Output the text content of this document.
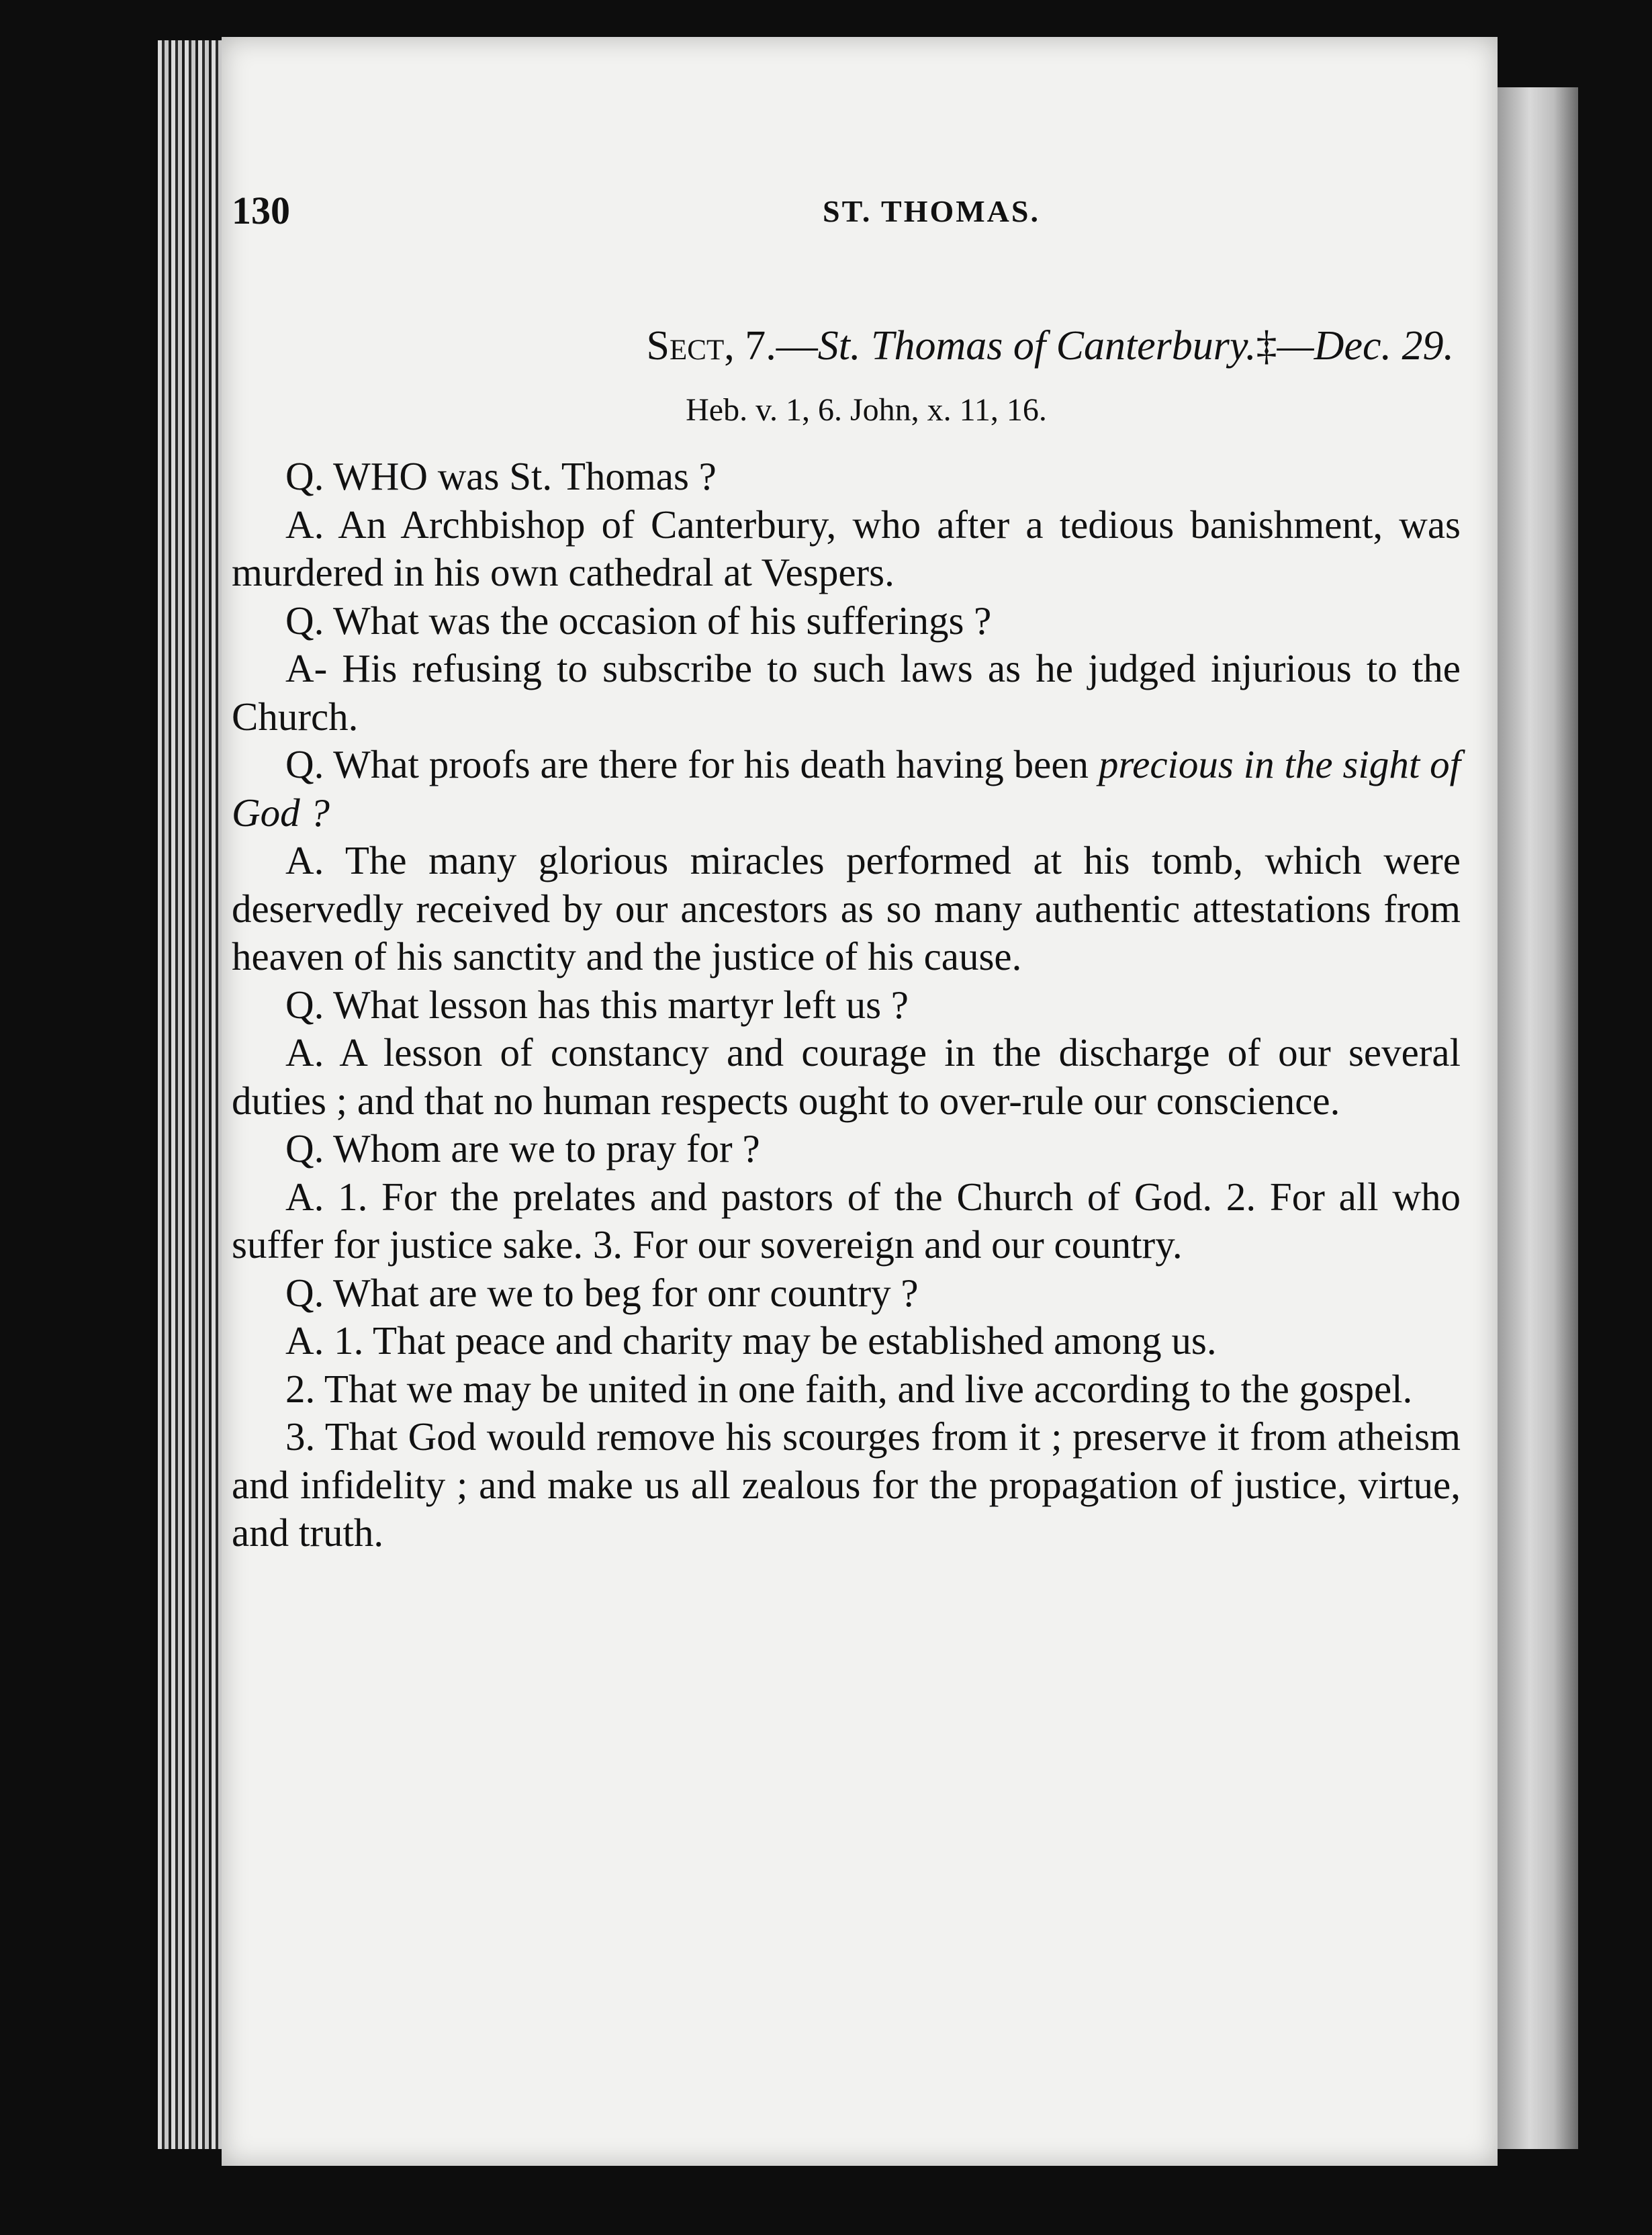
130	ST. THOMAS.
Sect, 7.—St. Thomas of Canterbury.‡—Dec. 29.
Heb. v. 1, 6. John, x. 11, 16.

Q. WHO was St. Thomas ?

A. An Archbishop of Canterbury, who after a tedious banishment, was murdered in his own cathedral at Vespers.

Q. What was the occasion of his sufferings ?

A- His refusing to subscribe to such laws as he judged injurious to the Church.

Q. What proofs are there for his death having been precious in the sight of God ?

A. The many glorious miracles performed at his tomb, which were deservedly received by our ancestors as so many authentic attestations from heaven of his sanctity and the justice of his cause.

Q. What lesson has this martyr left us ?

A. A lesson of constancy and courage in the discharge of our several duties ; and that no human respects ought to over-rule our conscience.

Q. Whom are we to pray for ?

A. 1. For the prelates and pastors of the Church of God. 2. For all who suffer for justice sake. 3. For our sovereign and our country.

Q. What are we to beg for onr country ?

A. 1. That peace and charity may be established among us.

2. That we may be united in one faith, and live according to the gospel.

3. That God would remove his scourges from it ; preserve it from atheism and infidelity ; and make us all zealous for the propagation of justice, virtue, and truth.
